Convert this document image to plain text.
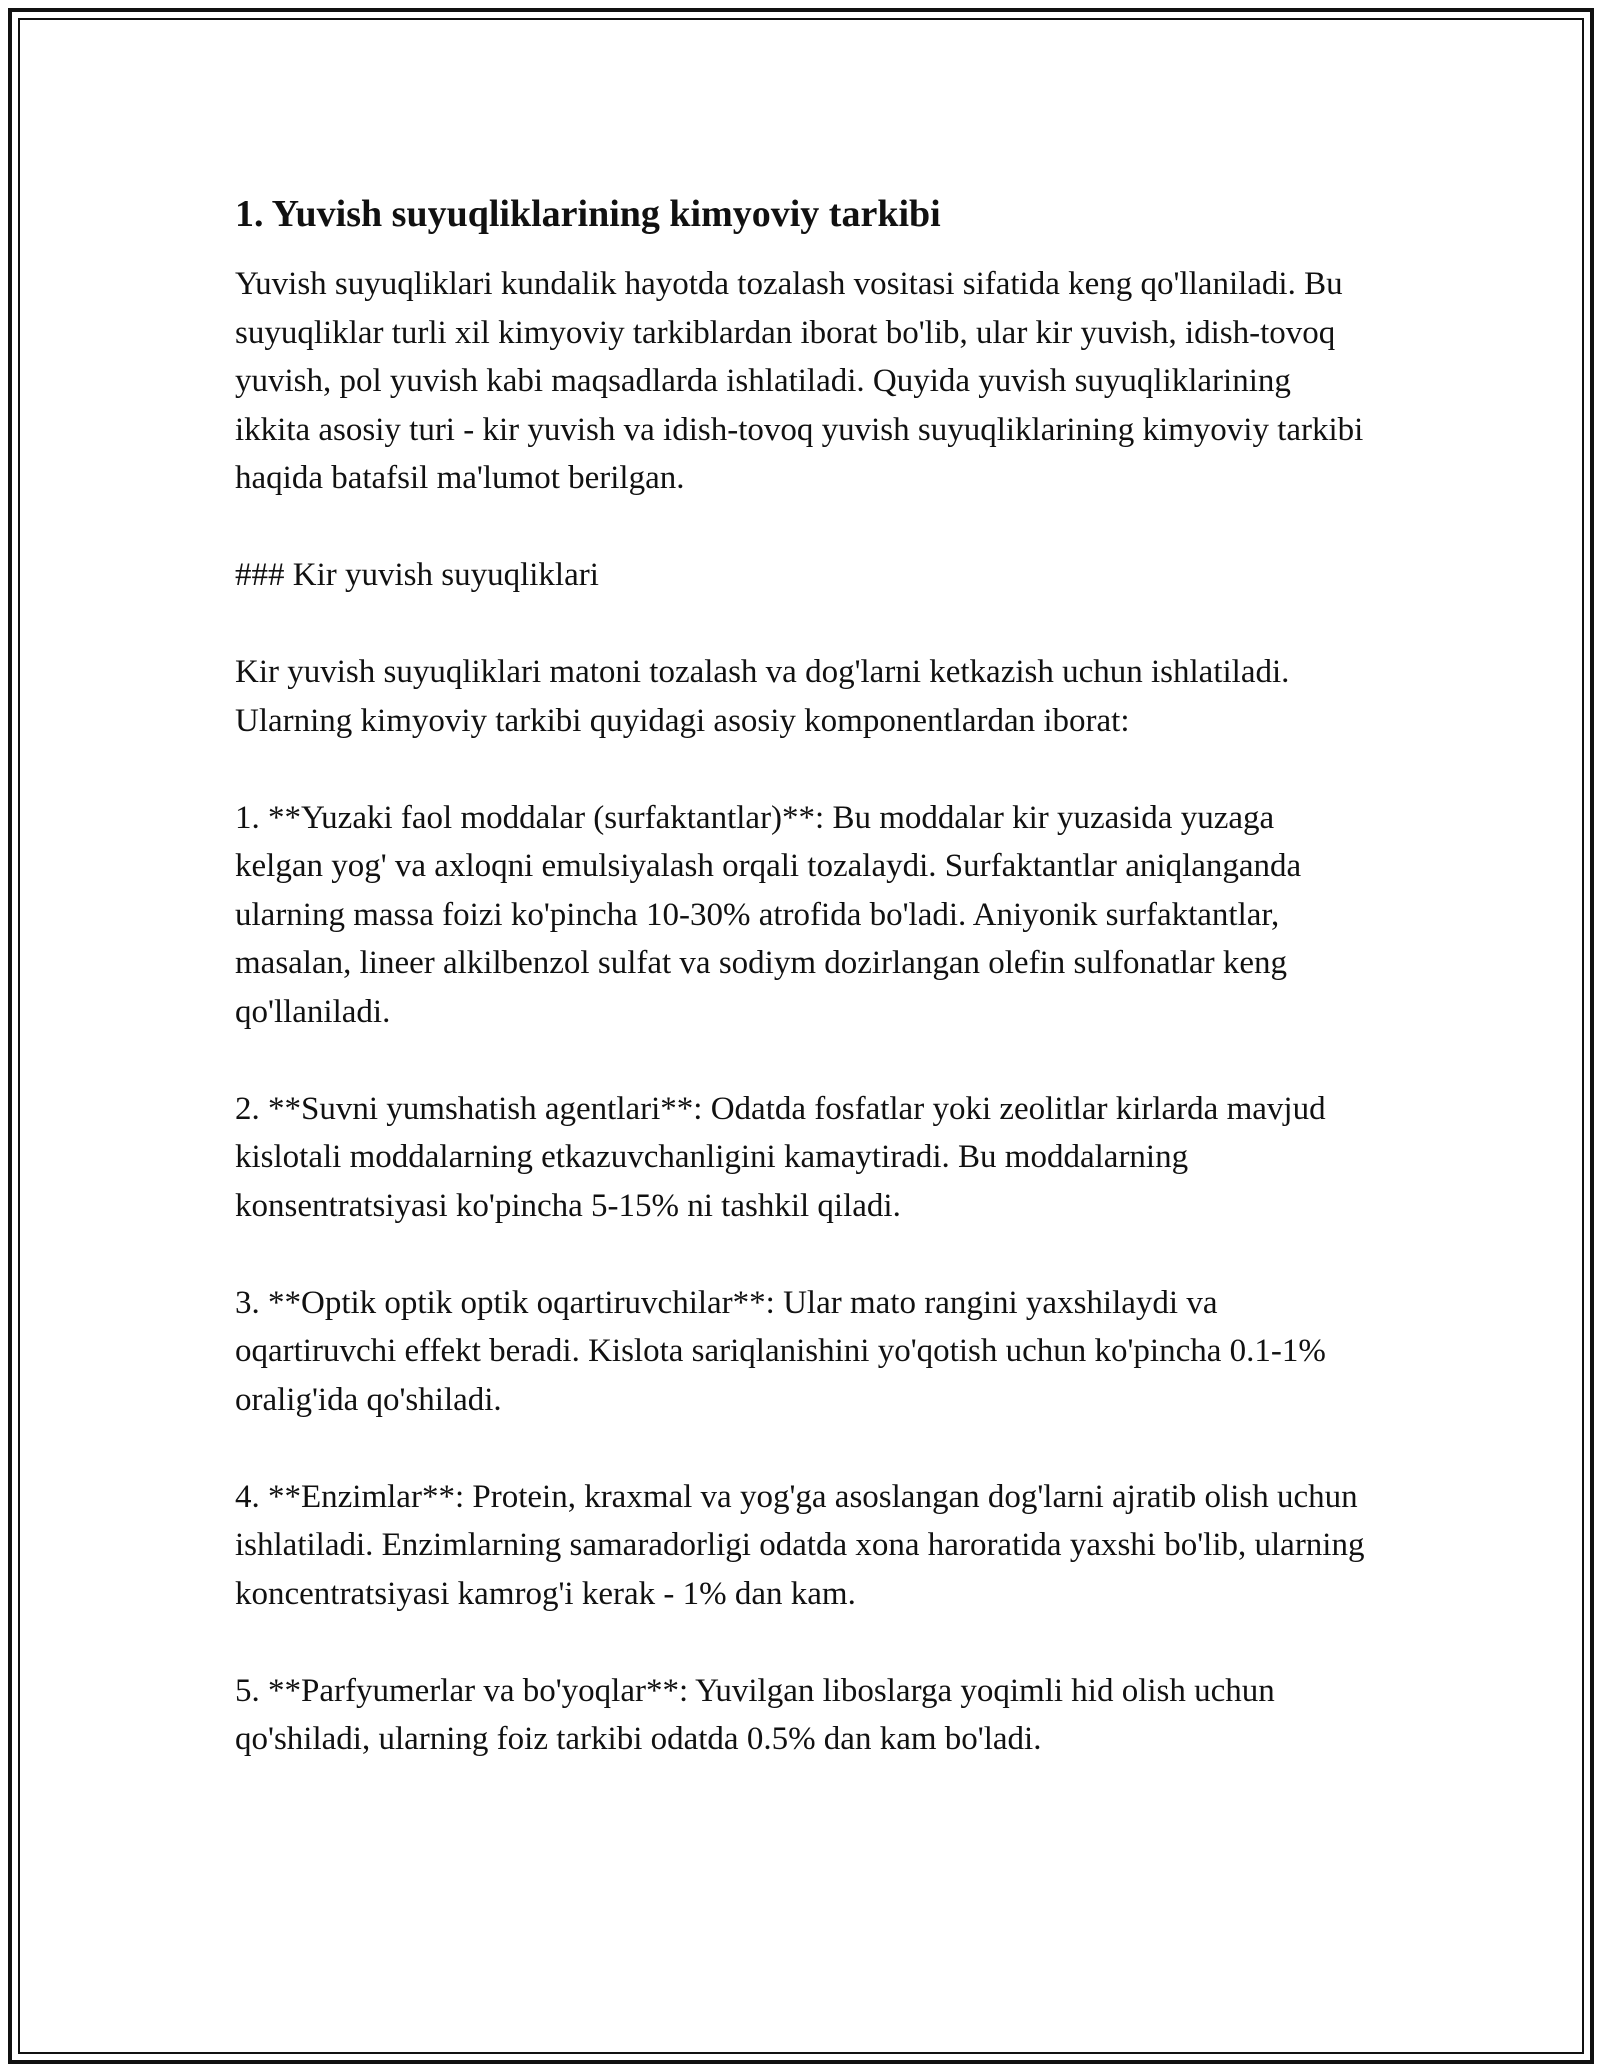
1. Yuvish suyuqliklarining kimyoviy tarkibi

Yuvish suyuqliklari kundalik hayotda tozalash vositasi sifatida keng qo'llaniladi. Bu suyuqliklar turli xil kimyoviy tarkiblardan iborat bo'lib, ular kir yuvish, idish-tovoq yuvish, pol yuvish kabi maqsadlarda ishlatiladi. Quyida yuvish suyuqliklarining ikkita asosiy turi - kir yuvish va idish-tovoq yuvish suyuqliklarining kimyoviy tarkibi haqida batafsil ma'lumot berilgan.

### Kir yuvish suyuqliklari

Kir yuvish suyuqliklari matoni tozalash va dog'larni ketkazish uchun ishlatiladi. Ularning kimyoviy tarkibi quyidagi asosiy komponentlardan iborat:

1. **Yuzaki faol moddalar (surfaktantlar)**: Bu moddalar kir yuzasida yuzaga kelgan yog' va axloqni emulsiyalash orqali tozalaydi. Surfaktantlar aniqlanganda ularning massa foizi ko'pincha 10-30% atrofida bo'ladi. Aniyonik surfaktantlar, masalan, lineer alkilbenzol sulfat va sodiym dozirlangan olefin sulfonatlar keng qo'llaniladi.

2. **Suvni yumshatish agentlari**: Odatda fosfatlar yoki zeolitlar kirlarda mavjud kislotali moddalarning etkazuvchanligini kamaytiradi. Bu moddalarning konsentratsiyasi ko'pincha 5-15% ni tashkil qiladi.

3. **Optik optik optik oqartiruvchilar**: Ular mato rangini yaxshilaydi va oqartiruvchi effekt beradi. Kislota sariqlanishini yo'qotish uchun ko'pincha 0.1-1% oralig'ida qo'shiladi.

4. **Enzimlar**: Protein, kraxmal va yog'ga asoslangan dog'larni ajratib olish uchun ishlatiladi. Enzimlarning samaradorligi odatda xona haroratida yaxshi bo'lib, ularning koncentratsiyasi kamrog'i kerak - 1% dan kam.

5. **Parfyumerlar va bo'yoqlar**: Yuvilgan liboslarga yoqimli hid olish uchun qo'shiladi, ularning foiz tarkibi odatda 0.5% dan kam bo'ladi.
